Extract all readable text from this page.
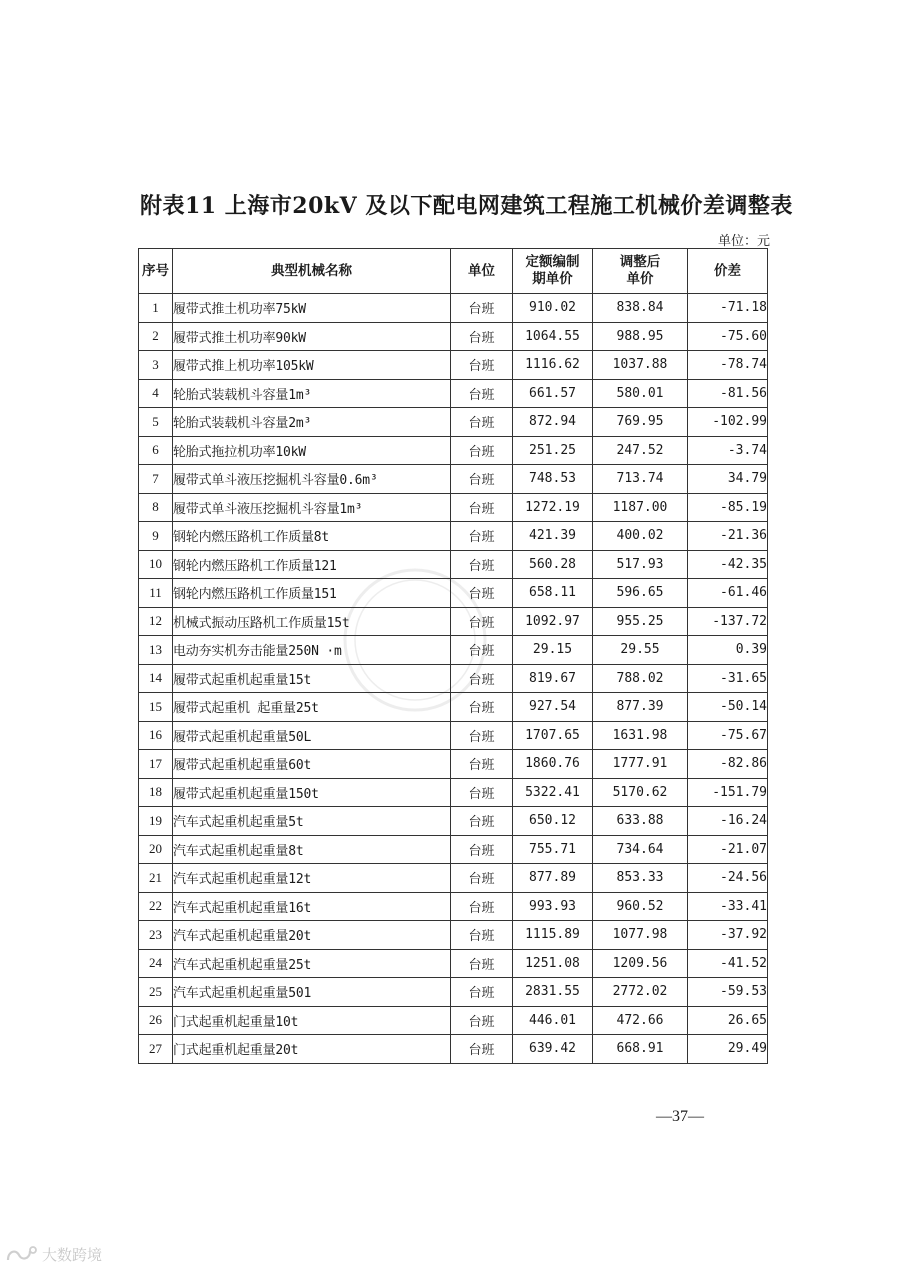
附表11 上海市20kV 及以下配电网建筑工程施工机械价差调整表
单位：元
序号	典型机械名称	单位	定额编制期单价	调整后单价	价差
1	履带式推土机功率75kW	台班	910.02	838.84	-71.18
2	履带式推土机功率90kW	台班	1064.55	988.95	-75.60
3	履带式推上机功率105kW	台班	1116.62	1037.88	-78.74
4	轮胎式装载机斗容量1m³	台班	661.57	580.01	-81.56
5	轮胎式装载机斗容量2m³	台班	872.94	769.95	-102.99
6	轮胎式拖拉机功率10kW	台班	251.25	247.52	-3.74
7	履带式单斗液压挖掘机斗容量0.6m³	台班	748.53	713.74	34.79
8	履带式单斗液压挖掘机斗容量1m³	台班	1272.19	1187.00	-85.19
9	钢轮内燃压路机工作质量8t	台班	421.39	400.02	-21.36
10	钢轮内燃压路机工作质量121	台班	560.28	517.93	-42.35
11	钢轮内燃压路机工作质量151	台班	658.11	596.65	-61.46
12	机械式振动压路机工作质量15t	台班	1092.97	955.25	-137.72
13	电动夯实机夯击能量250N ·m	台班	29.15	29.55	0.39
14	履带式起重机起重量15t	台班	819.67	788.02	-31.65
15	履带式起重机 起重量25t	台班	927.54	877.39	-50.14
16	履带式起重机起重量50L	台班	1707.65	1631.98	-75.67
17	履带式起重机起重量60t	台班	1860.76	1777.91	-82.86
18	履带式起重机起重量150t	台班	5322.41	5170.62	-151.79
19	汽车式起重机起重量5t	台班	650.12	633.88	-16.24
20	汽车式起重机起重量8t	台班	755.71	734.64	-21.07
21	汽车式起重机起重量12t	台班	877.89	853.33	-24.56
22	汽车式起重机起重量16t	台班	993.93	960.52	-33.41
23	汽车式起重机起重量20t	台班	1115.89	1077.98	-37.92
24	汽车式起重机起重量25t	台班	1251.08	1209.56	-41.52
25	汽车式起重机起重量501	台班	2831.55	2772.02	-59.53
26	门式起重机起重量10t	台班	446.01	472.66	26.65
27	门式起重机起重量20t	台班	639.42	668.91	29.49
—37—
大数跨境
